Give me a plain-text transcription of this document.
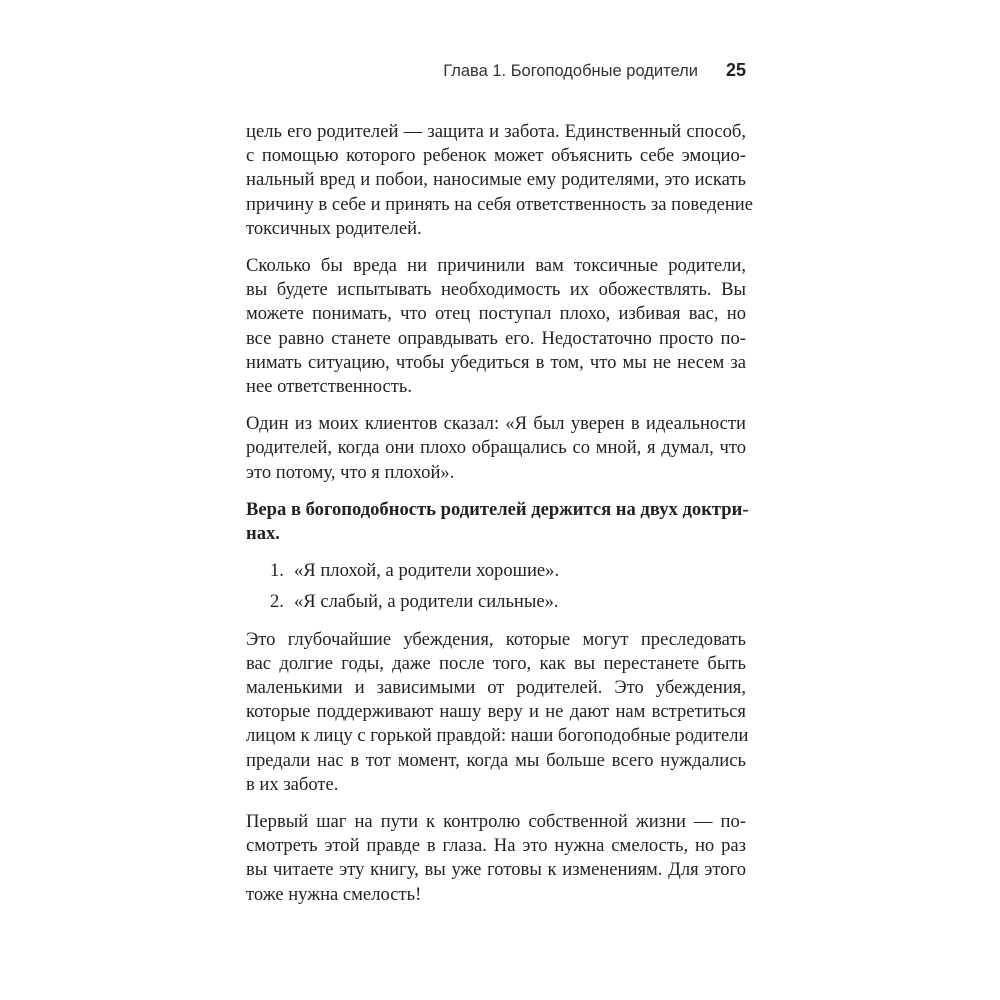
Глава 1. Богоподобные родители 25

цель его родителей — защита и забота. Единственный способ,
с помощью которого ребенок может объяснить себе эмоцио-
нальный вред и побои, наносимые ему родителями, это искать
причину в себе и принять на себя ответственность за поведение
токсичных родителей.

Сколько бы вреда ни причинили вам токсичные родители,
вы будете испытывать необходимость их обожествлять. Вы
можете понимать, что отец поступал плохо, избивая вас, но
все равно станете оправдывать его. Недостаточно просто по-
нимать ситуацию, чтобы убедиться в том, что мы не несем за
нее ответственность.

Один из моих клиентов сказал: «Я был уверен в идеальности
родителей, когда они плохо обращались со мной, я думал, что
это потому, что я плохой».

Вера в богоподобность родителей держится на двух доктри-
нах.

1. «Я плохой, а родители хорошие».
2. «Я слабый, а родители сильные».

Это глубочайшие убеждения, которые могут преследовать
вас долгие годы, даже после того, как вы перестанете быть
маленькими и зависимыми от родителей. Это убеждения,
которые поддерживают нашу веру и не дают нам встретиться
лицом к лицу с горькой правдой: наши богоподобные родители
предали нас в тот момент, когда мы больше всего нуждались
в их заботе.

Первый шаг на пути к контролю собственной жизни — по-
смотреть этой правде в глаза. На это нужна смелость, но раз
вы читаете эту книгу, вы уже готовы к изменениям. Для этого
тоже нужна смелость!
